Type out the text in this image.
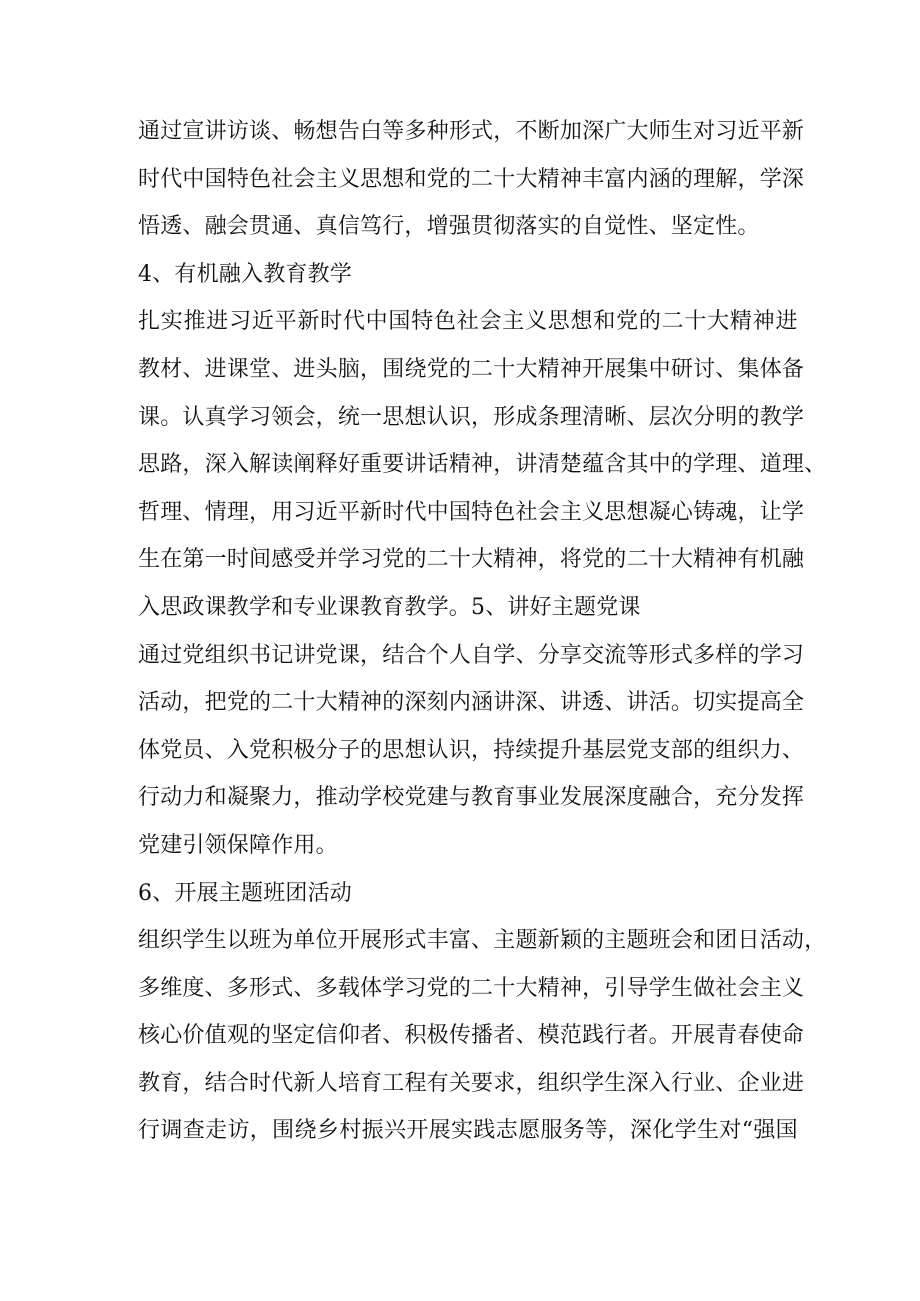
通 过 宣 讲 访 谈 、 畅 想 告 白 等 多 种 形 式 ， 不 断 加 深 广 大 师 生 对 习 近 平 新
时 代 中 国 特 色 社 会 主 义 思 想 和 党 的 二 十 大 精 神 丰 富 内 涵 的 理 解 ， 学 深
悟透、融会贯通、真信笃行，增强贯彻落实的自觉性、坚定性。
4、有机融入教育教学
扎 实 推 进 习 近 平 新 时 代 中 国 特 色 社 会 主 义 思 想 和 党 的 二 十 大 精 神 进
教 材 、 进 课 堂 、 进 头 脑 ， 围 绕 党 的 二 十 大 精 神 开 展 集 中 研 讨 、 集 体 备
课 。 认 真 学 习 领 会 ， 统 一 思 想 认 识 ， 形 成 条 理 清 晰 、 层 次 分 明 的 教 学
思 路 ， 深 入 解 读 阐 释 好 重 要 讲 话 精 神 ， 讲 清 楚 蕴 含 其 中 的 学 理 、 道 理 、
哲 理 、 情 理 ， 用 习 近 平 新 时 代 中 国 特 色 社 会 主 义 思 想 凝 心 铸 魂 ， 让 学
生 在 第 一 时 间 感 受 并 学 习 党 的 二 十 大 精 神 ， 将 党 的 二 十 大 精 神 有 机 融
入思政课教学和专业课教育教学。5、讲好主题党课
通 过 党 组 织 书 记 讲 党 课 ， 结 合 个 人 自 学 、 分 享 交 流 等 形 式 多 样 的 学 习
活 动 ， 把 党 的 二 十 大 精 神 的 深 刻 内 涵 讲 深 、 讲 透 、 讲 活 。 切 实 提 高 全
体 党 员 、 入 党 积 极 分 子 的 思 想 认 识 ， 持 续 提 升 基 层 党 支 部 的 组 织 力 、
行 动 力 和 凝 聚 力 ， 推 动 学 校 党 建 与 教 育 事 业 发 展 深 度 融 合 ， 充 分 发 挥
党建引领保障作用。
6、开展主题班团活动
组 织 学 生 以 班 为 单 位 开 展 形 式 丰 富 、 主 题 新 颖 的 主 题 班 会 和 团 日 活 动 ，
多 维 度 、 多 形 式 、 多 载 体 学 习 党 的 二 十 大 精 神 ， 引 导 学 生 做 社 会 主 义
核 心 价 值 观 的 坚 定 信 仰 者 、 积 极 传 播 者 、 模 范 践 行 者 。 开 展 青 春 使 命
教 育 ， 结 合 时 代 新 人 培 育 工 程 有 关 要 求 ， 组 织 学 生 深 入 行 业 、 企 业 进
行 调 查 走 访 ， 围 绕 乡 村 振 兴 开 展 实 践 志 愿 服 务 等 ， 深 化 学 生 对 “ 强 国
